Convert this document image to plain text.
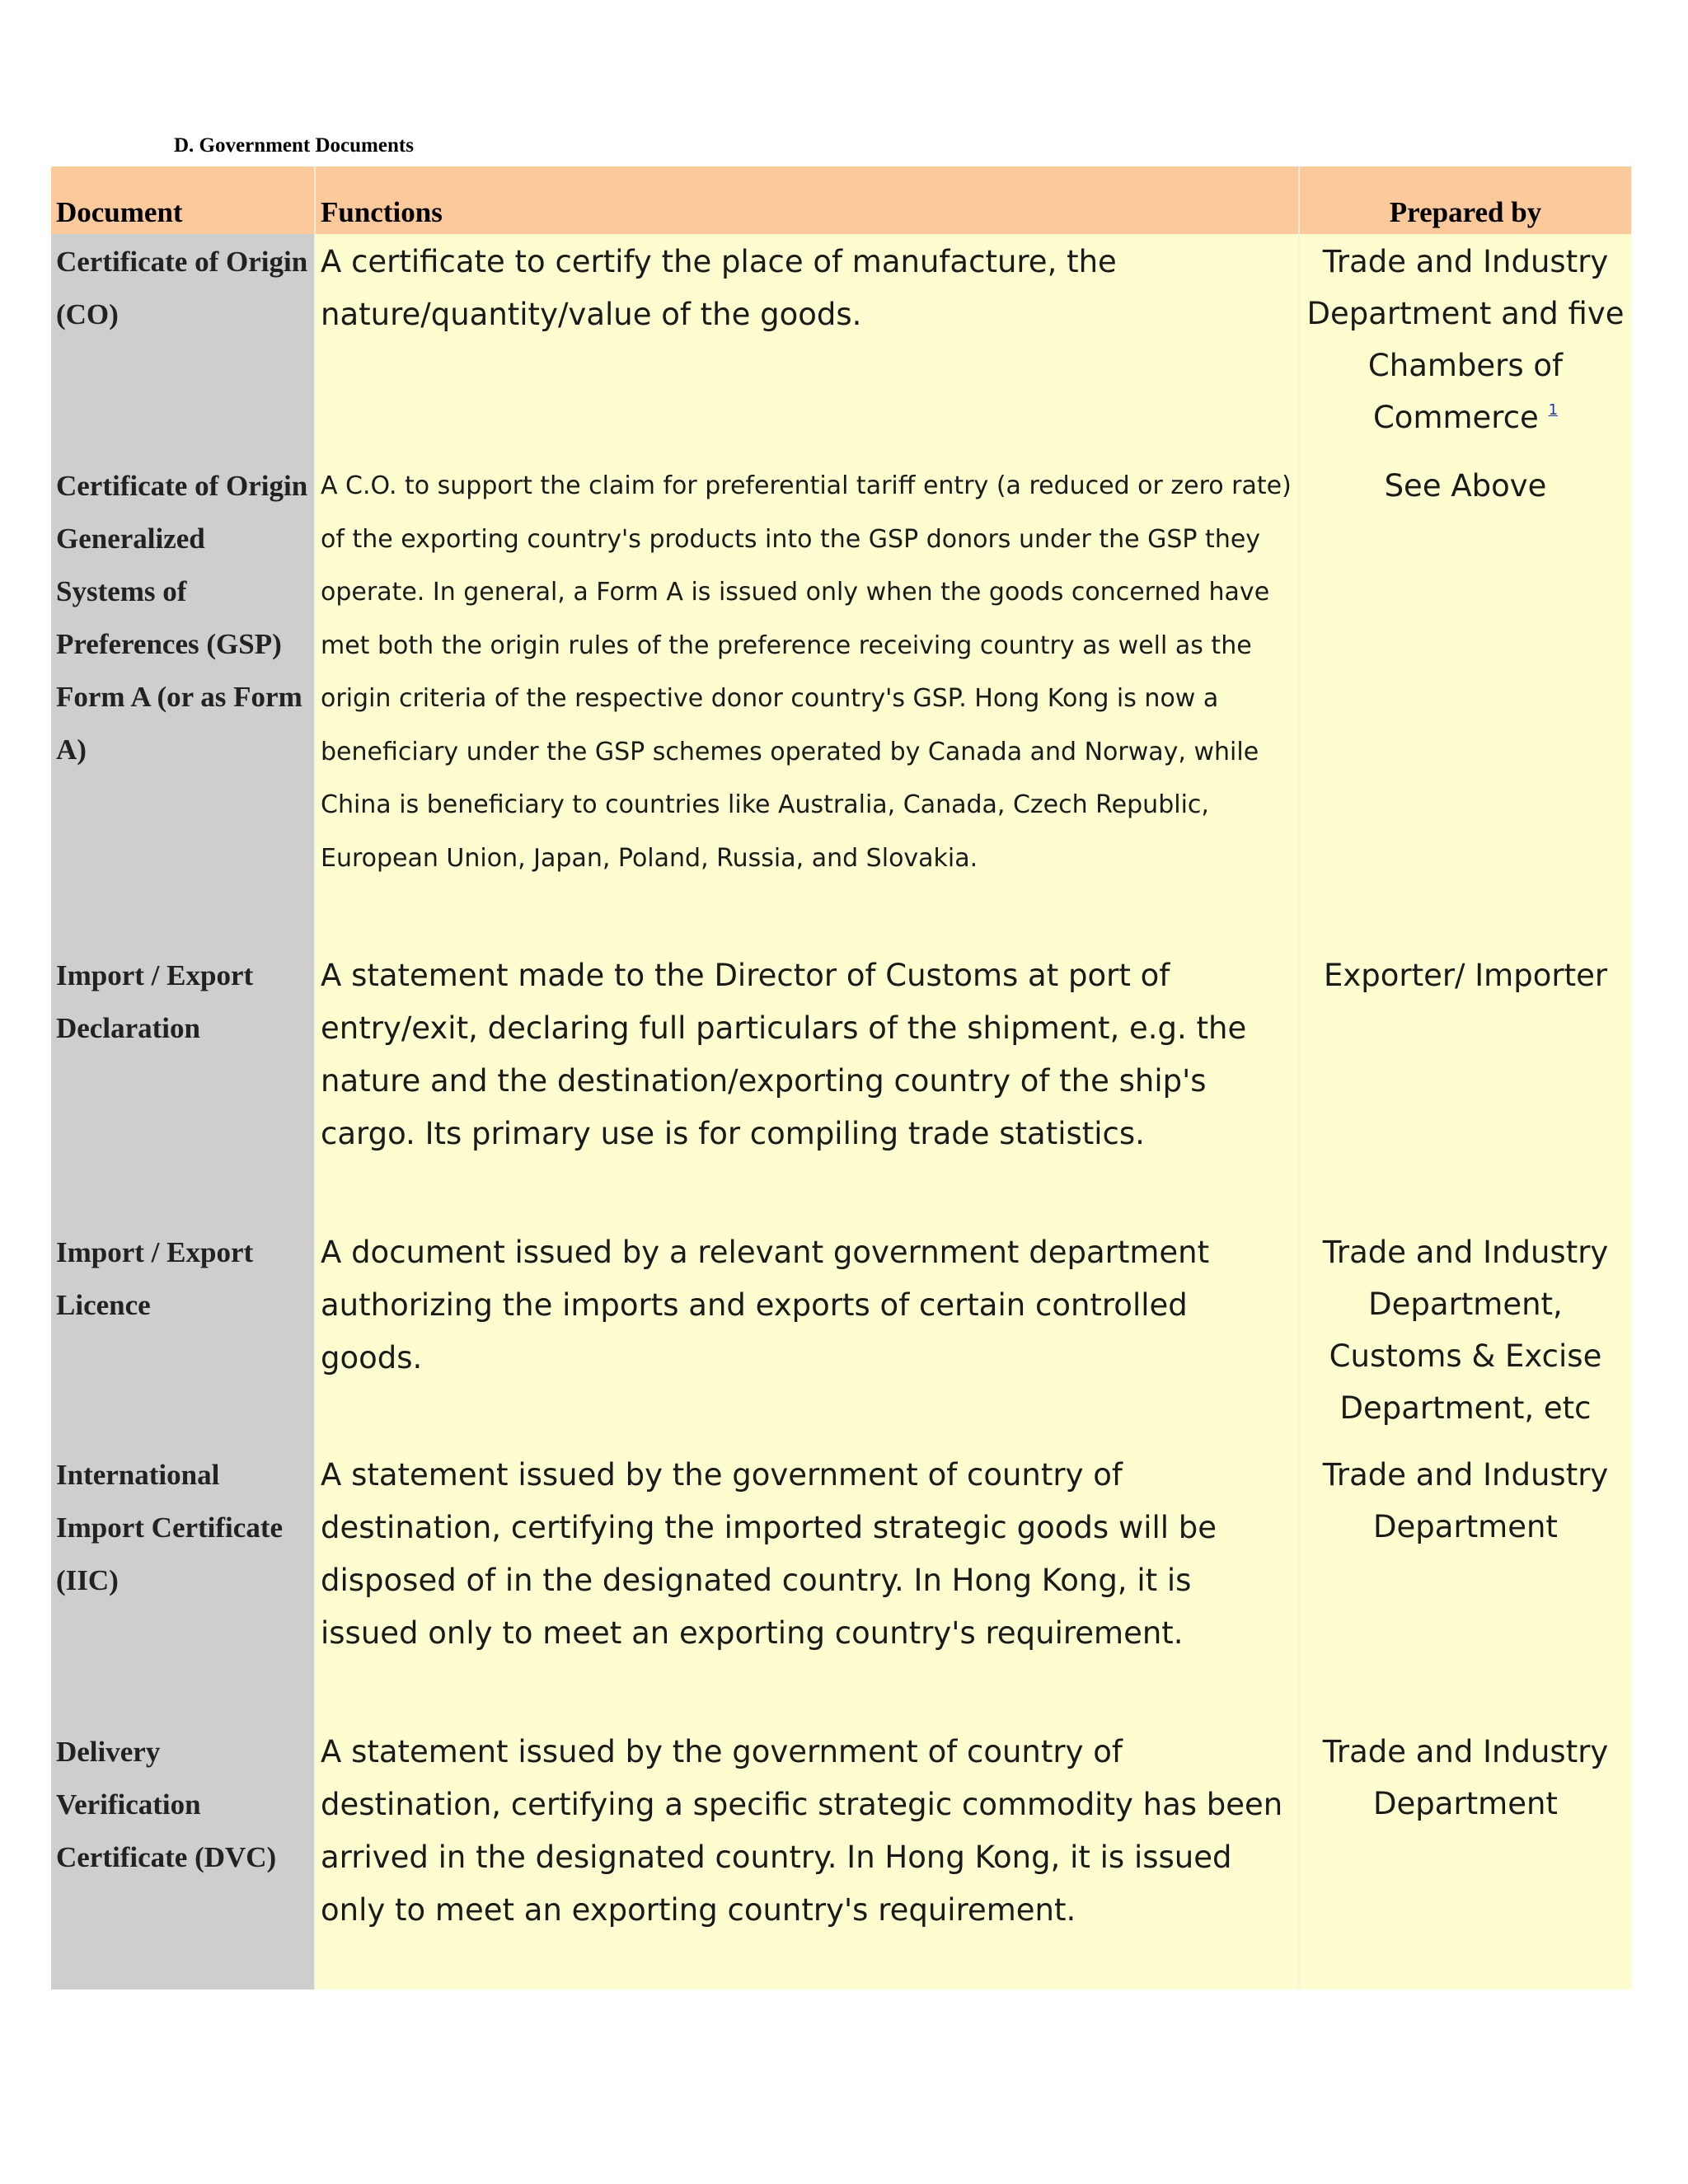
D. Government Documents
Document	Functions	Prepared by

Certificate of Origin (CO)	A certificate to certify the place of manufacture, the nature/quantity/value of the goods.	Trade and Industry Department and five Chambers of Commerce $^1$

Certificate of Origin Generalized Systems of Preferences (GSP) Form A (or as Form A)	A C.O. to support the claim for preferential tariff entry (a reduced or zero rate) of the exporting country's products into the GSP donors under the GSP they operate. In general, a Form A is issued only when the goods concerned have met both the origin rules of the preference receiving country as well as the origin criteria of the respective donor country's GSP. Hong Kong is now a beneficiary under the GSP schemes operated by Canada and Norway, while China is beneficiary to countries like Australia, Canada, Czech Republic, European Union, Japan, Poland, Russia, and Slovakia.	See Above

Import / Export Declaration	A statement made to the Director of Customs at port of entry/exit, declaring full particulars of the shipment, e.g. the nature and the destination/exporting country of the ship's cargo. Its primary use is for compiling trade statistics.	Exporter/ Importer

Import / Export Licence	A document issued by a relevant government department authorizing the imports and exports of certain controlled goods.	Trade and Industry Department, Customs & Excise Department, etc

International Import Certificate (IIC)	A statement issued by the government of country of destination, certifying the imported strategic goods will be disposed of in the designated country. In Hong Kong, it is issued only to meet an exporting country's requirement.	Trade and Industry Department

Delivery Verification Certificate (DVC)	A statement issued by the government of country of destination, certifying a specific strategic commodity has been arrived in the designated country. In Hong Kong, it is issued only to meet an exporting country's requirement.	Trade and Industry Department
